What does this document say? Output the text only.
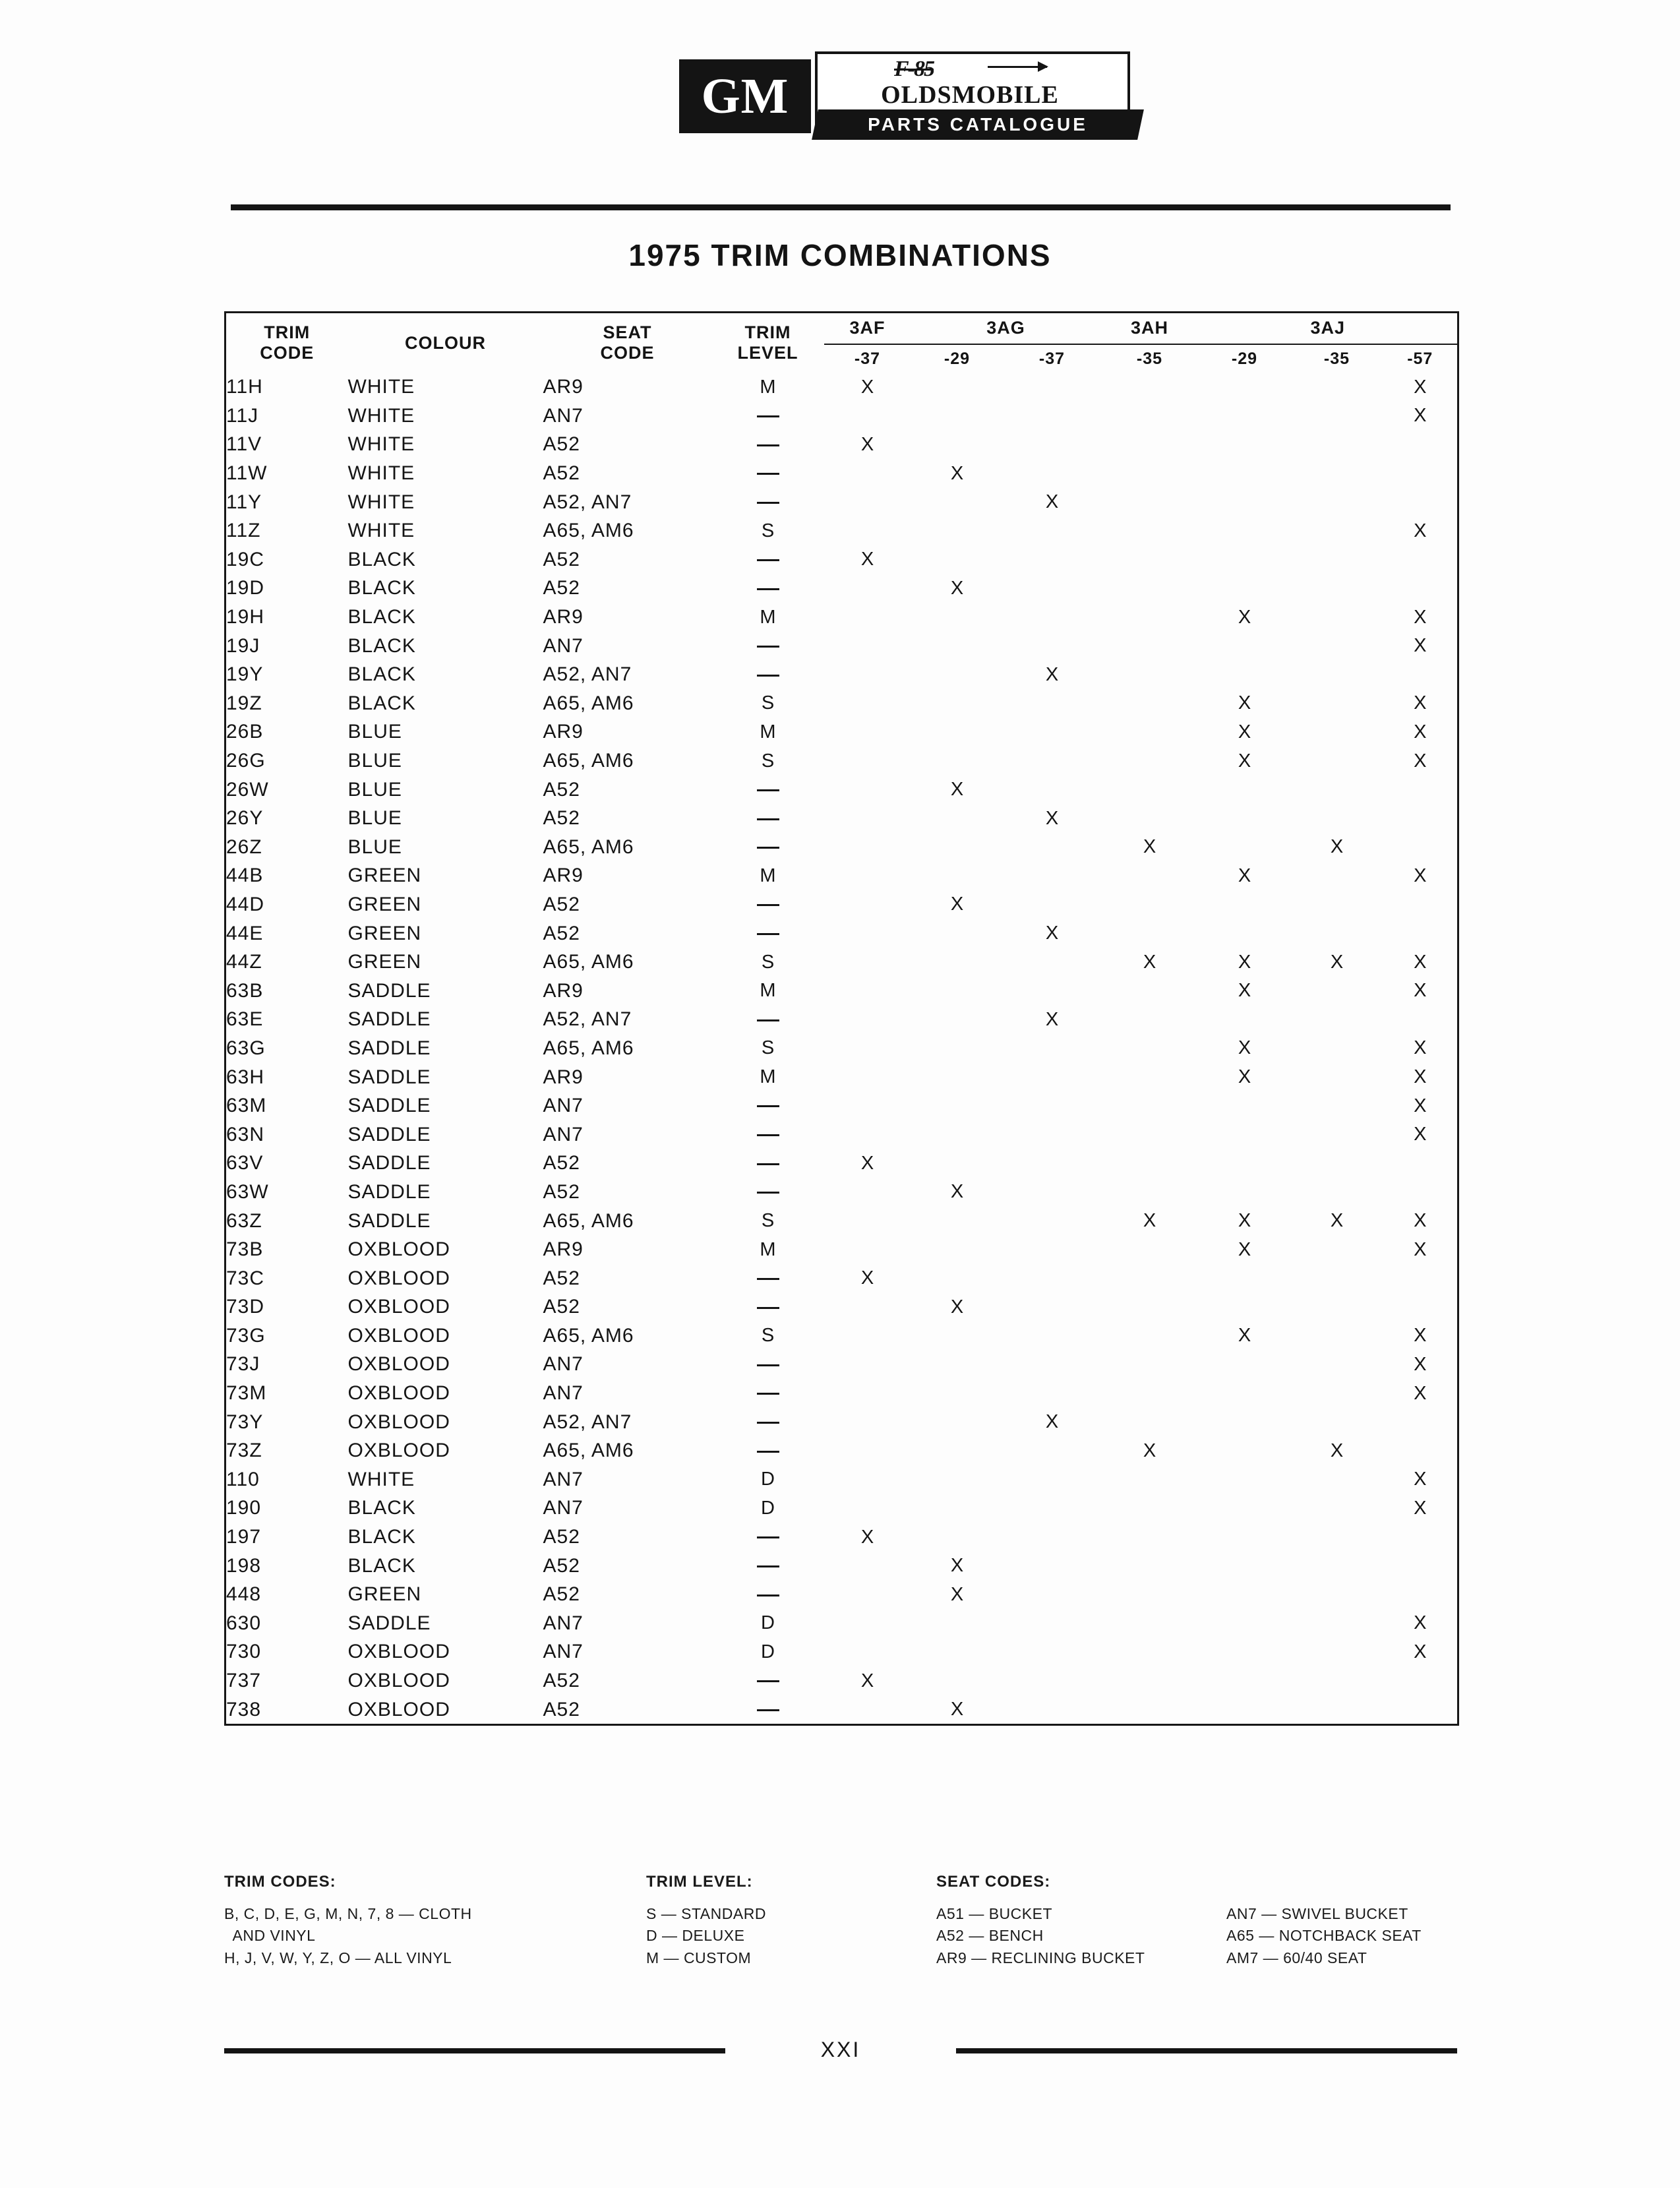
GM	F-85
OLDSMOBILE
PARTS CATALOGUE
1975 TRIM COMBINATIONS
TRIM
CODE
	COLOUR	
SEAT
CODE

TRIM
LEVEL
	3AF	3AG	3AH	3AJ
				-37	-29	-37	-35	-29	-35	-57
11H	WHITE	AR9	M	X						X
11J	WHITE	AN7								X
11V	WHITE	A52		X						
11W	WHITE	A52			X					
11Y	WHITE	A52, AN7				X				
11Z	WHITE	A65, AM6	S							X
19C	BLACK	A52		X						
19D	BLACK	A52			X					
19H	BLACK	AR9	M					X		X
19J	BLACK	AN7								X
19Y	BLACK	A52, AN7				X				
19Z	BLACK	A65, AM6	S					X		X
26B	BLUE	AR9	M					X		X
26G	BLUE	A65, AM6	S					X		X
26W	BLUE	A52			X					
26Y	BLUE	A52				X				
26Z	BLUE	A65, AM6					X		X	
44B	GREEN	AR9	M					X		X
44D	GREEN	A52			X					
44E	GREEN	A52				X				
44Z	GREEN	A65, AM6	S				X	X	X	X
63B	SADDLE	AR9	M					X		X
63E	SADDLE	A52, AN7				X				
63G	SADDLE	A65, AM6	S					X		X
63H	SADDLE	AR9	M					X		X
63M	SADDLE	AN7								X
63N	SADDLE	AN7								X
63V	SADDLE	A52		X						
63W	SADDLE	A52			X					
63Z	SADDLE	A65, AM6	S				X	X	X	X
73B	OXBLOOD	AR9	M					X		X
73C	OXBLOOD	A52		X						
73D	OXBLOOD	A52			X					
73G	OXBLOOD	A65, AM6	S					X		X
73J	OXBLOOD	AN7								X
73M	OXBLOOD	AN7								X
73Y	OXBLOOD	A52, AN7				X				
73Z	OXBLOOD	A65, AM6					X		X	
110	WHITE	AN7	D							X
190	BLACK	AN7	D							X
197	BLACK	A52		X						
198	BLACK	A52			X					
448	GREEN	A52			X					
630	SADDLE	AN7	D							X
730	OXBLOOD	AN7	D							X
737	OXBLOOD	A52		X						
738	OXBLOOD	A52			X					
TRIM CODES:
B, C, D, E, G, M, N, 7, 8 — CLOTH
AND VINYL
H, J, V, W, Y, Z, O — ALL VINYL
TRIM LEVEL:
S — STANDARD
D — DELUXE
M — CUSTOM
SEAT CODES:
A51 — BUCKET
A52 — BENCH
AR9 — RECLINING BUCKET
AN7 — SWIVEL BUCKET
A65 — NOTCHBACK SEAT
AM7 — 60/40 SEAT
XXI
